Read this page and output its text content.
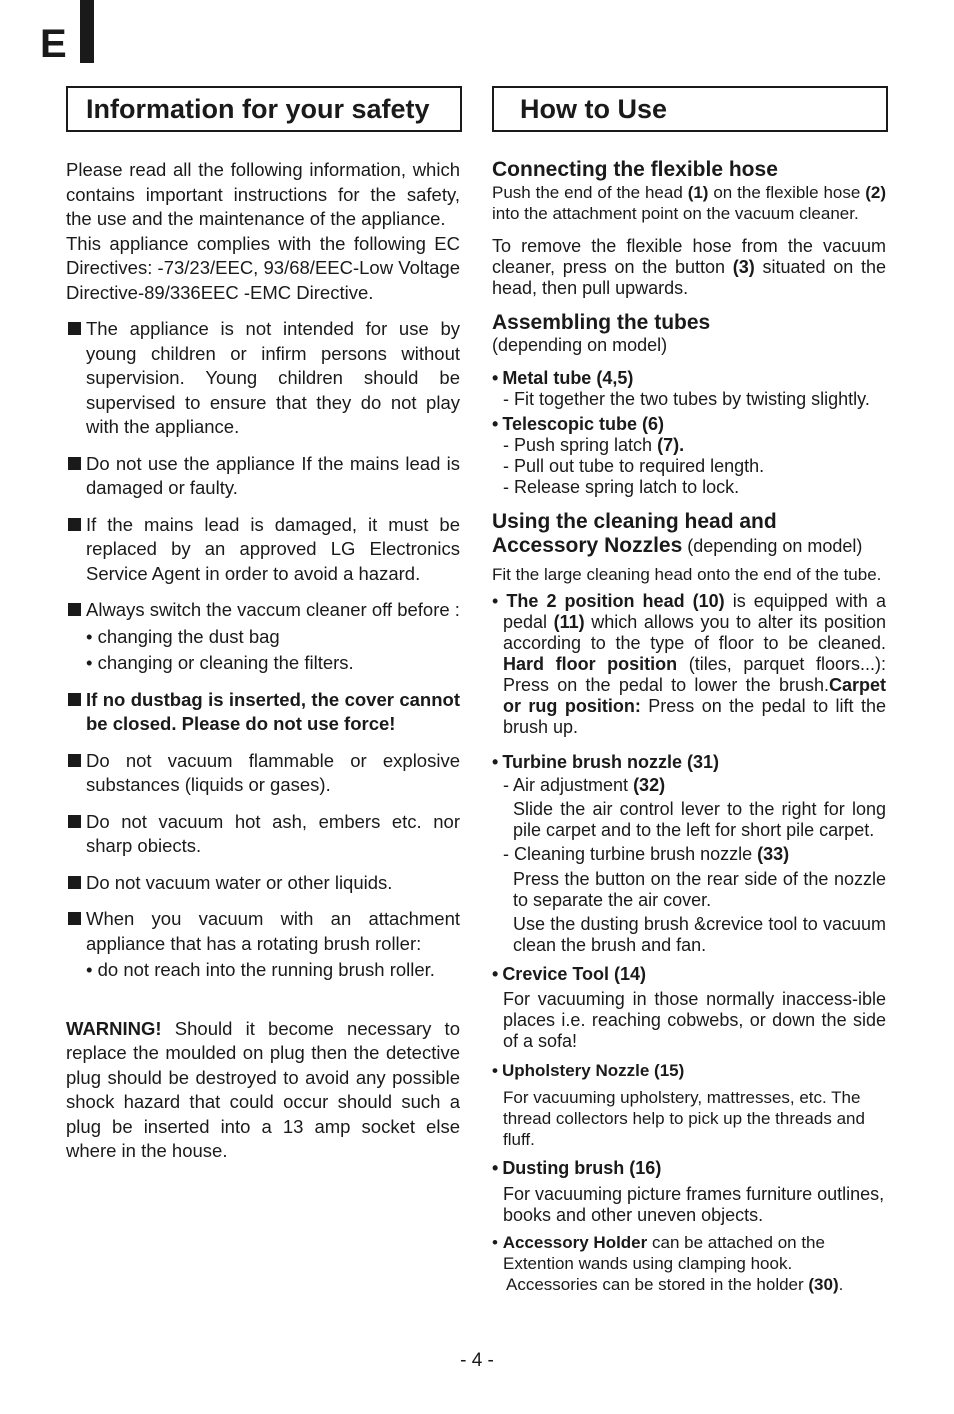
E
Information for your safety

Please read all the following information, which contains important instructions for the safety, the use and the maintenance of the appliance.

This appliance complies with the following EC Directives: -73/23/EEC, 93/68/EEC-Low Voltage Directive-89/336EEC -EMC Directive.

The appliance is not intended for use by young children or infirm persons without supervision. Young children should be supervised to ensure that they do not play with the appliance.
Do not use the appliance If the mains lead is damaged or faulty.
If the mains lead is damaged, it must be replaced by an approved LG Electronics Service Agent in order to avoid a hazard.
Always switch the vaccum cleaner off before :
• changing the dust bag
• changing or cleaning the filters.
If no dustbag is inserted, the cover cannot be closed. Please do not use force!
Do not vacuum flammable or explosive substances (liquids or gases).
Do not vacuum hot ash, embers etc. nor sharp obiects.
Do not vacuum water or other liquids.
When you vacuum with an attachment appliance that has a rotating brush roller:
• do not reach into the running brush roller.

WARNING! Should it become necessary to replace the moulded on plug then the detective plug should be destroyed to avoid any possible shock hazard that could occur should such a plug be inserted into a 13 amp socket else where in the house.

How to Use
Connecting the flexible hose

Push the end of the head (1) on the flexible hose (2) into the attachment point on the vacuum cleaner.

To remove the flexible hose from the vacuum cleaner, press on the button (3) situated on the head, then pull upwards.

Assembling the tubes
(depending on model)
• Metal tube (4,5)
- Fit together the two tubes by twisting slightly.
• Telescopic tube (6)
- Push spring latch (7).
- Pull out tube to required length.
- Release spring latch to lock.
Using the cleaning head and Accessory Nozzles (depending on model)
Fit the large cleaning head onto the end of the tube.

• The 2 position head (10) is equipped with a pedal (11) which allows you to alter its position according to the type of floor to be cleaned. Hard floor position (tiles, parquet floors...): Press on the pedal to lower the brush.Carpet or rug position: Press on the pedal to lift the brush up.

• Turbine brush nozzle (31)
- Air adjustment (32)

Slide the air control lever to the right for long pile carpet and to the left for short pile carpet.

- Cleaning turbine brush nozzle (33)

Press the button on the rear side of the nozzle to separate the air cover.

Use the dusting brush &crevice tool to vacuum clean the brush and fan.

• Crevice Tool (14)

For vacuuming in those normally inaccess-ible places i.e. reaching cobwebs, or down the side of a sofa!

• Upholstery Nozzle (15)

For vacuuming upholstery, mattresses, etc. The thread collectors help to pick up the threads and fluff.

• Dusting brush (16)

For vacuuming picture frames furniture outlines, books and other uneven objects.

• Accessory Holder can be attached on the Extention wands using clamping hook.
Accessories can be stored in the holder (30).

- 4 -
